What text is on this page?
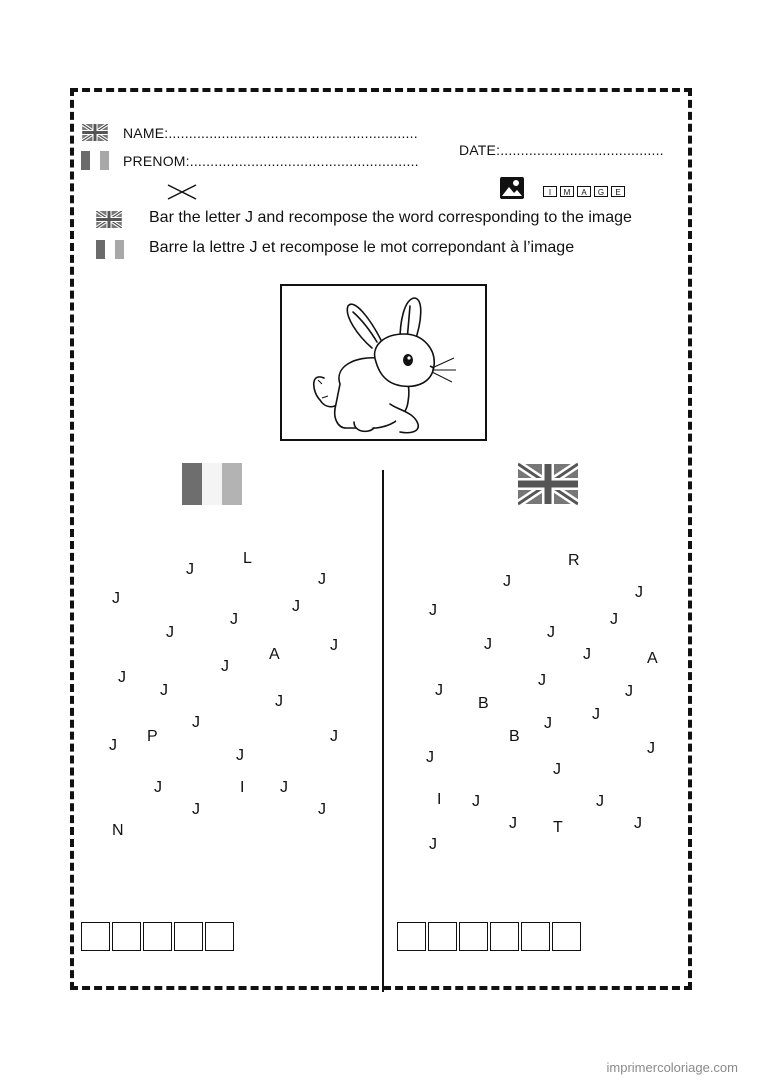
NAME:.............................................................
PRENOM:........................................................
DATE:........................................
I	M	A	G	E
Bar the letter J and recompose the word corresponding to the image
Barre la lettre J et recompose le mot correpondant à l’image
J
L
J
J	J
J
J
J
A
J
J
J
J
J
J
P
J
J
J	I J
J	J
N
R
J
J
J
J
J
J
J	A
J
J	J
B
J
J
B
J
J
J
I J	J
J T	J
J
imprimercoloriage.com
